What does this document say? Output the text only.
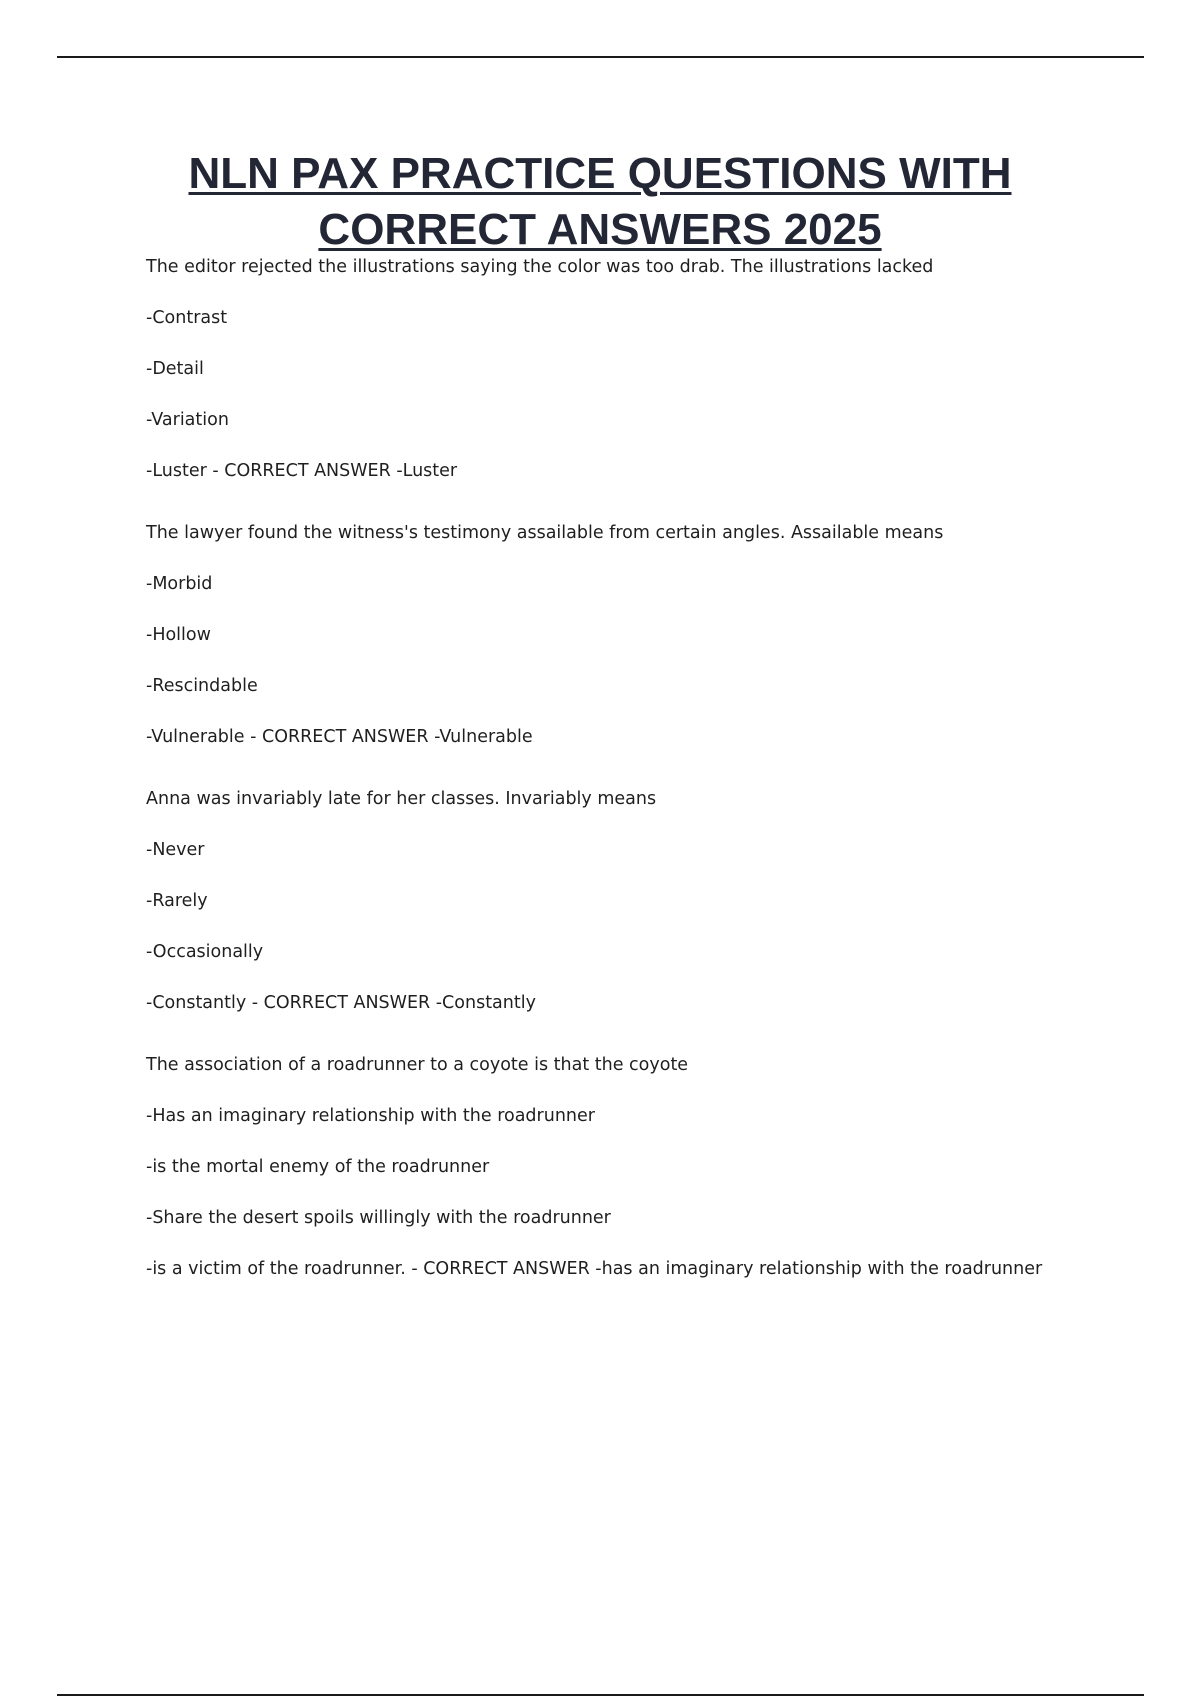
NLN PAX PRACTICE QUESTIONS WITH CORRECT ANSWERS 2025
The editor rejected the illustrations saying the color was too drab. The illustrations lacked
-Contrast
-Detail
-Variation
-Luster - CORRECT ANSWER -Luster
The lawyer found the witness's testimony assailable from certain angles. Assailable means
-Morbid
-Hollow
-Rescindable
-Vulnerable - CORRECT ANSWER -Vulnerable
Anna was invariably late for her classes. Invariably means
-Never
-Rarely
-Occasionally
-Constantly - CORRECT ANSWER -Constantly
The association of a roadrunner to a coyote is that the coyote
-Has an imaginary relationship with the roadrunner
-is the mortal enemy of the roadrunner
-Share the desert spoils willingly with the roadrunner
-is a victim of the roadrunner. - CORRECT ANSWER -has an imaginary relationship with the roadrunner
